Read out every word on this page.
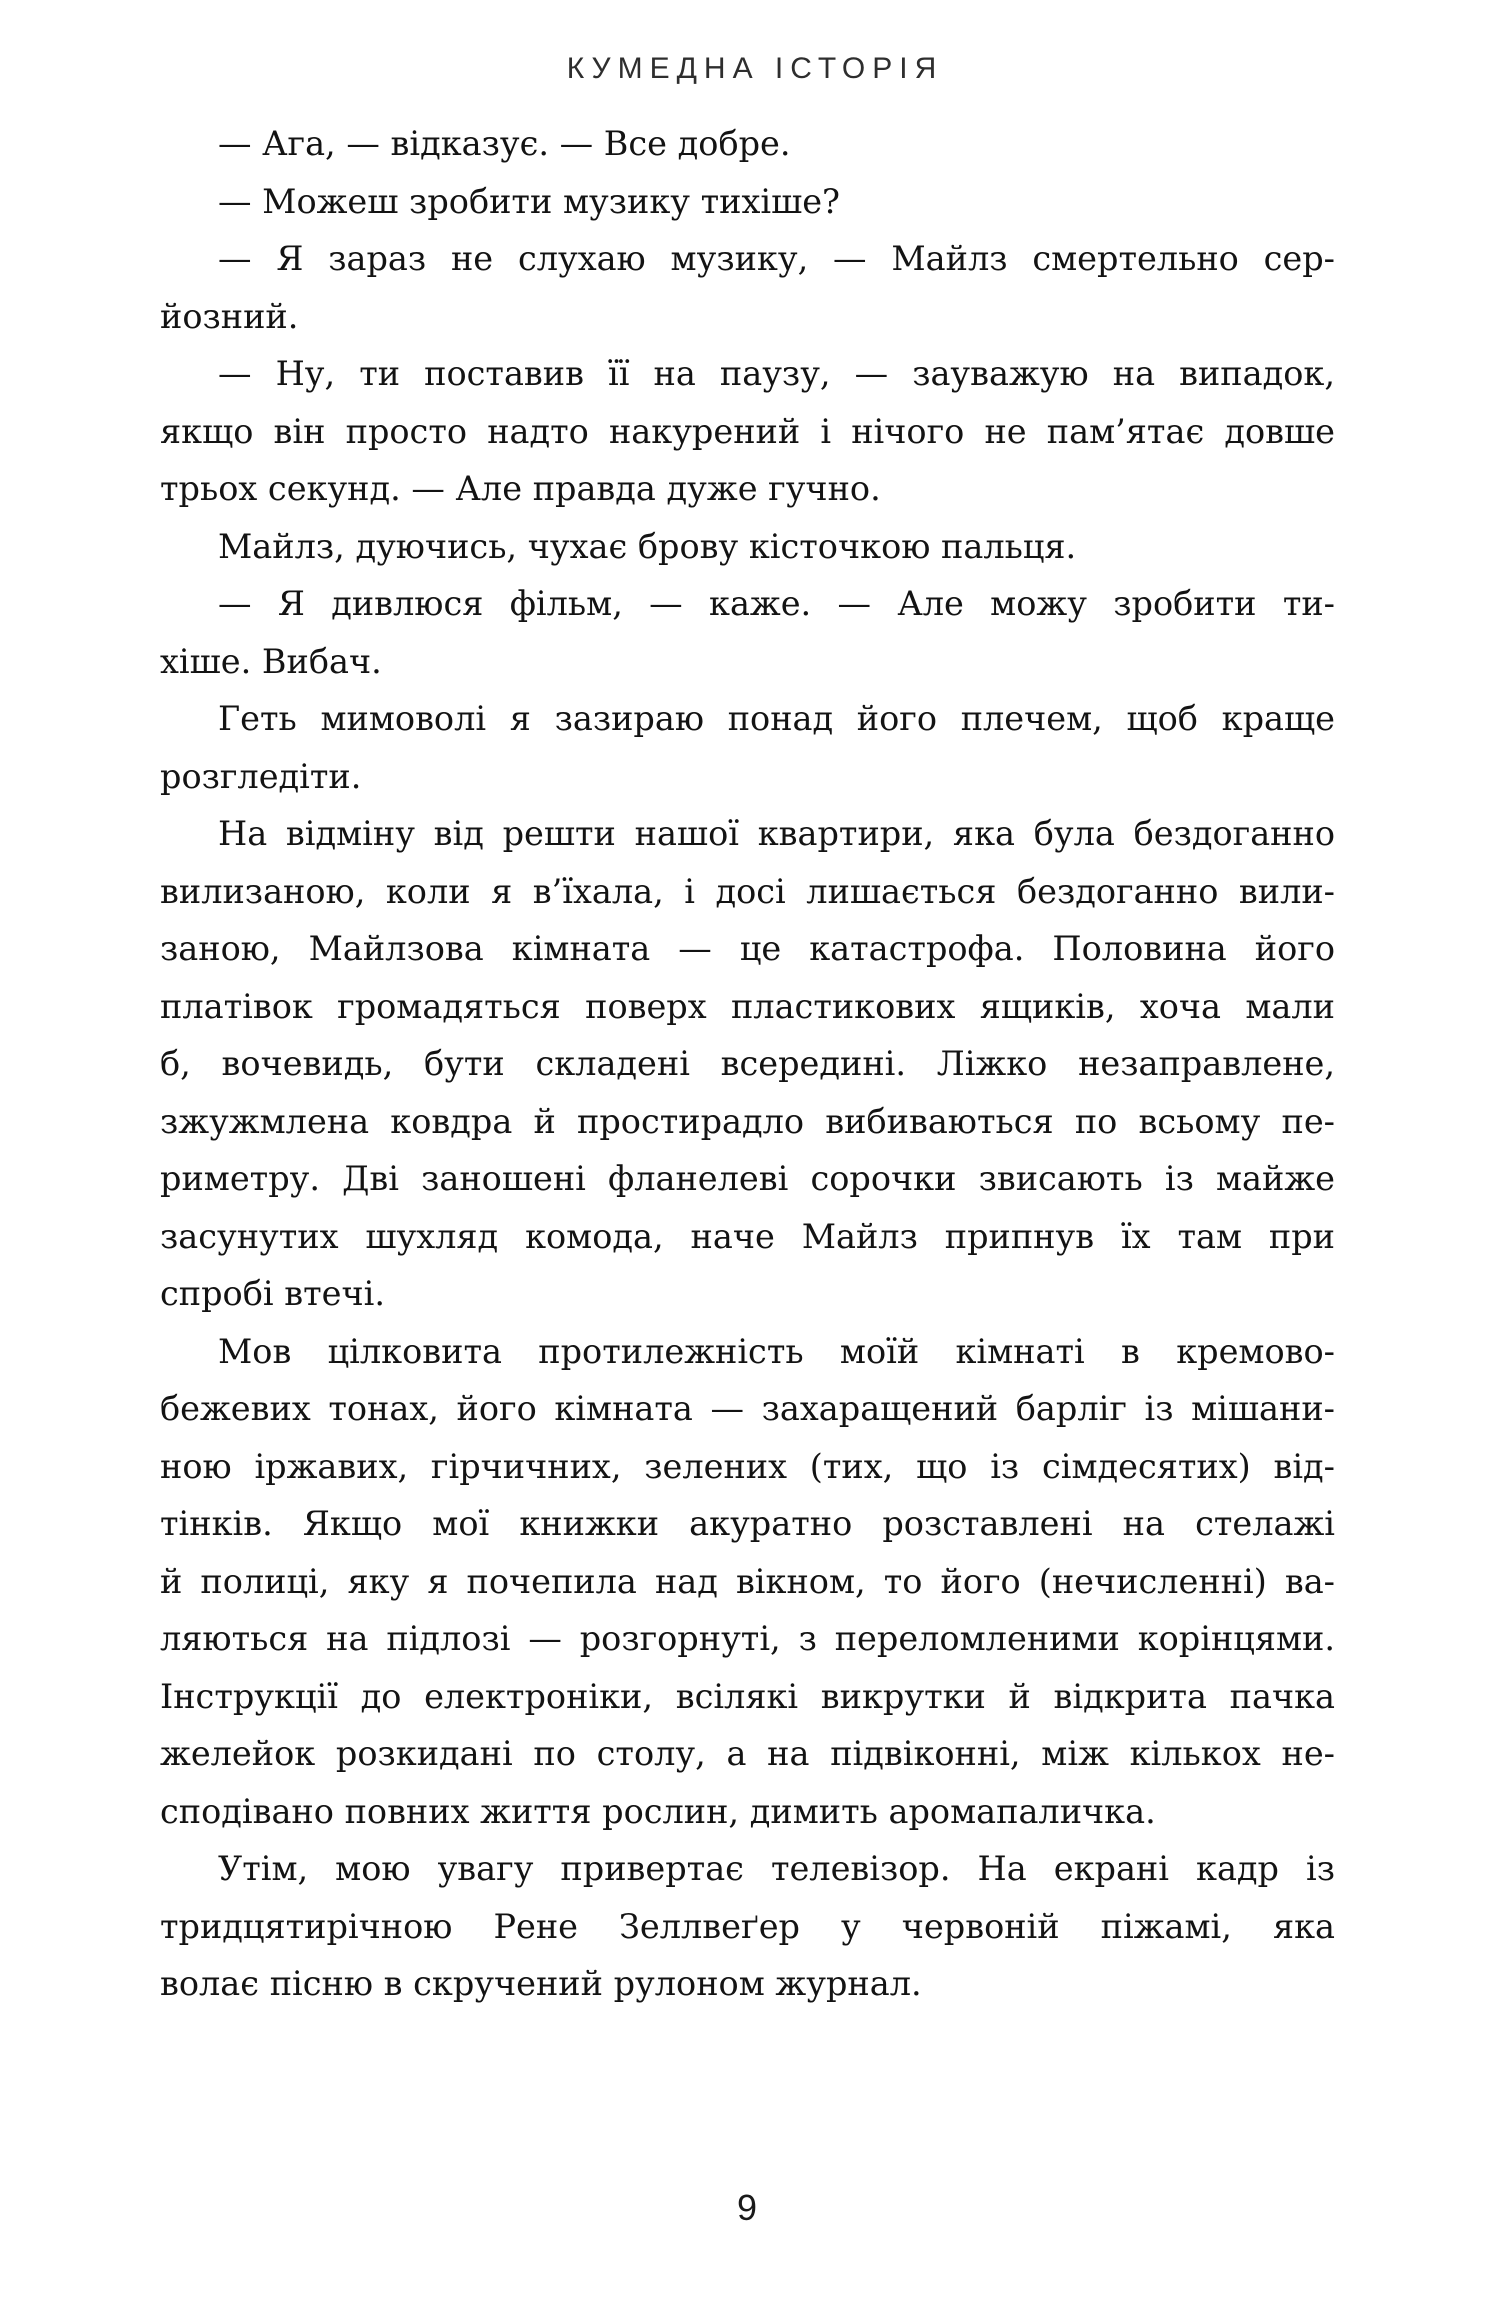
КУМЕДНА ІСТОРІЯ
— Ага, — відказує. — Все добре.
— Можеш зробити музику тихіше?
— Я зараз не слухаю музику, — Майлз смертельно сер-
йозний.
— Ну, ти поставив її на паузу, — зауважую на випадок,
якщо він просто надто накурений і нічого не пам’ятає довше
трьох секунд. — Але правда дуже гучно.
Майлз, дуючись, чухає брову кісточкою пальця.
— Я дивлюся фільм, — каже. — Але можу зробити ти-
хіше. Вибач.
Геть мимоволі я зазираю понад його плечем, щоб краще
розгледіти.
На відміну від решти нашої квартири, яка була бездоганно
вилизаною, коли я в’їхала, і досі лишається бездоганно вили-
заною, Майлзова кімната — це катастрофа. Половина його
платівок громадяться поверх пластикових ящиків, хоча мали
б, вочевидь, бути складені всередині. Ліжко незаправлене,
зжужмлена ковдра й простирадло вибиваються по всьому пе-
риметру. Дві заношені фланелеві сорочки звисають із майже
засунутих шухляд комода, наче Майлз припнув їх там при
спробі втечі.
Мов цілковита протилежність моїй кімнаті в кремово-
бежевих тонах, його кімната — захаращений барліг із мішани-
ною іржавих, гірчичних, зелених (тих, що із сімдесятих) від-
тінків. Якщо мої книжки акуратно розставлені на стелажі
й полиці, яку я почепила над вікном, то його (нечисленні) ва-
ляються на підлозі — розгорнуті, з переломленими корінцями.
Інструкції до електроніки, всілякі викрутки й відкрита пачка
желейок розкидані по столу, а на підвіконні, між кількох не-
сподівано повних життя рослин, димить аромапаличка.
Утім, мою увагу привертає телевізор. На екрані кадр із
тридцятирічною Рене Зеллвеґер у червоній піжамі, яка
волає пісню в скручений рулоном журнал.
9
